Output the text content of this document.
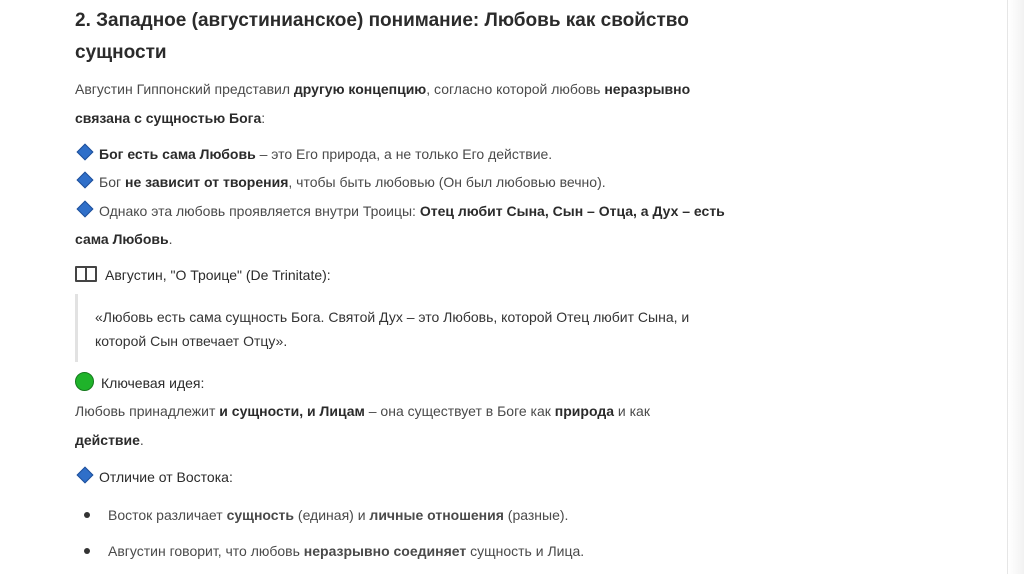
2. Западное (августинианское) понимание: Любовь как свойство
сущности
Августин Гиппонский представил другую концепцию, согласно которой любовь неразрывно
связана с сущностью Бога:
Бог есть сама Любовь – это Его природа, а не только Его действие.
Бог не зависит от творения, чтобы быть любовью (Он был любовью вечно).
Однако эта любовь проявляется внутри Троицы: Отец любит Сына, Сын – Отца, а Дух – есть
сама Любовь.
Августин, "О Троице" (De Trinitate):
«Любовь есть сама сущность Бога. Святой Дух – это Любовь, которой Отец любит Сына, и
которой Сын отвечает Отцу».
Ключевая идея:
Любовь принадлежит и сущности, и Лицам – она существует в Боге как природа и как
действие.
Отличие от Востока:
Восток различает сущность (единая) и личные отношения (разные).
Августин говорит, что любовь неразрывно соединяет сущность и Лица.
